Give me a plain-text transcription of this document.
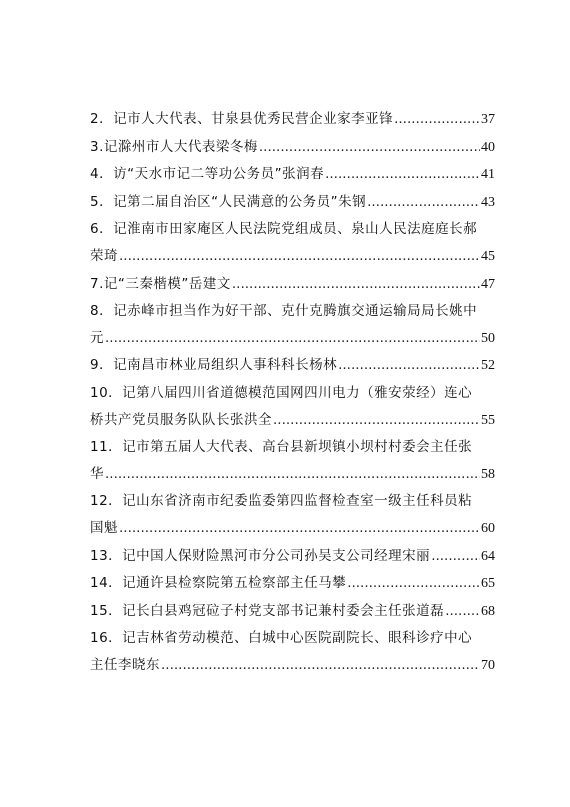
2．记市人大代表、甘泉县优秀民营企业家李亚锋 .....	37
3.记滁州市人大代表梁冬梅 .....	40
4．访“天水市记二等功公务员”张润春 .....	41
5．记第二届自治区“人民满意的公务员”朱钢 .....	43
6．记淮南市田家庵区人民法院党组成员、泉山人民法庭庭长郝
荣琦 .....	45
7.记“三秦楷模”岳建文 .....	47
8．记赤峰市担当作为好干部、克什克腾旗交通运输局局长姚中
元 .....	50
9．记南昌市林业局组织人事科科长杨林 .....	52
10．记第八届四川省道德模范国网四川电力（雅安荥经）连心
桥共产党员服务队队长张洪全 .....	55
11．记市第五届人大代表、高台县新坝镇小坝村村委会主任张
华 .....	58
12．记山东省济南市纪委监委第四监督检查室一级主任科员粘
国魁 .....	60
13．记中国人保财险黑河市分公司孙吴支公司经理宋丽 .....	64
14．记通许县检察院第五检察部主任马攀 .....	65
15．记长白县鸡冠砬子村党支部书记兼村委会主任张道磊 .....	68
16．记吉林省劳动模范、白城中心医院副院长、眼科诊疗中心
主任李晓东 .....	70
